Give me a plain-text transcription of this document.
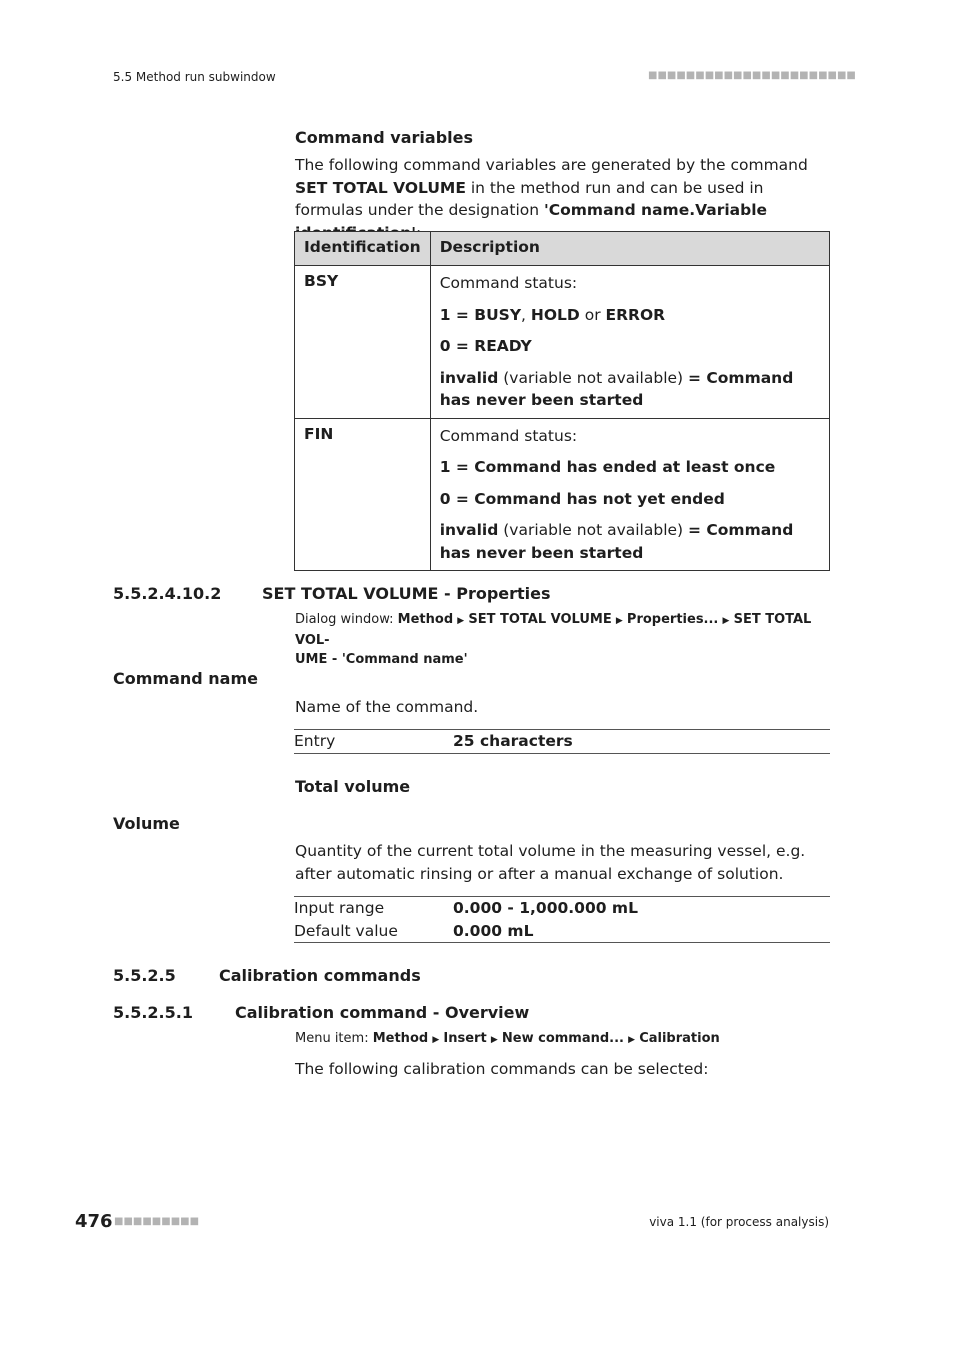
5.5 Method run subwindow	■■■■■■■■■■■■■■■■■■■■■■
Command variables
The following command variables are generated by the command SET TOTAL VOLUME in the method run and can be used in formulas under the designation 'Command name.Variable
Identification	Description
BSY	Command status:

1 = BUSY, HOLD or ERROR

0 = READY

invalid (variable not available) = Command has never been started

FIN	Command status:

1 = Command has ended at least once

0 = Command has not yet ended

invalid (variable not available) = Command has never been started

5.5.2.4.10.2	SET TOTAL VOLUME - Properties
Dialog window: Method ▶ SET TOTAL VOLUME ▶ Properties... ▶ SET TOTAL VOL-
UME - 'Command name'
Command name
Name of the command.
Entry	25 characters
Total volume
Volume
Quantity of the current total volume in the measuring vessel, e.g. after automatic rinsing or after a manual exchange of solution.
Input range	0.000 - 1,000.000 mL
Default value	0.000 mL
5.5.2.5	Calibration commands
5.5.2.5.1	Calibration command - Overview
Menu item: Method ▶ Insert ▶ New command... ▶ Calibration
The following calibration commands can be selected:
476 ■■■■■■■■■	viva 1.1 (for process analysis)
